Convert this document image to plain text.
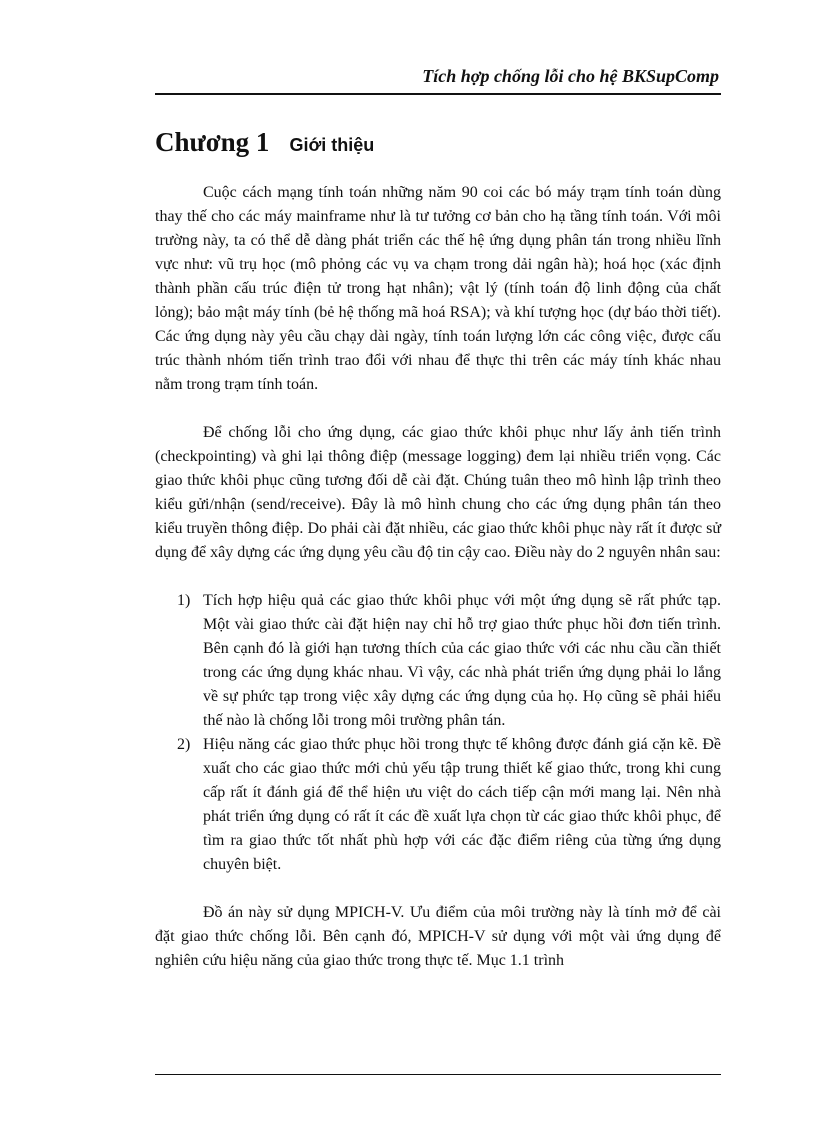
Tích hợp chống lỗi cho hệ BKSupComp
Chương 1 Giới thiệu

Cuộc cách mạng tính toán những năm 90 coi các bó máy trạm tính toán dùng thay thế cho các máy mainframe như là tư tưởng cơ bản cho hạ tầng tính toán. Với môi trường này, ta có thể dễ dàng phát triển các thế hệ ứng dụng phân tán trong nhiều lĩnh vực như: vũ trụ học (mô phỏng các vụ va chạm trong dải ngân hà); hoá học (xác định thành phần cấu trúc điện tử trong hạt nhân); vật lý (tính toán độ linh động của chất lỏng); bảo mật máy tính (bẻ hệ thống mã hoá RSA); và khí tượng học (dự báo thời tiết). Các ứng dụng này yêu cầu chạy dài ngày, tính toán lượng lớn các công việc, được cấu trúc thành nhóm tiến trình trao đổi với nhau để thực thi trên các máy tính khác nhau nằm trong trạm tính toán.

Để chống lỗi cho ứng dụng, các giao thức khôi phục như lấy ảnh tiến trình (checkpointing) và ghi lại thông điệp (message logging) đem lại nhiều triển vọng. Các giao thức khôi phục cũng tương đối dễ cài đặt. Chúng tuân theo mô hình lập trình theo kiểu gửi/nhận (send/receive). Đây là mô hình chung cho các ứng dụng phân tán theo kiểu truyền thông điệp. Do phải cài đặt nhiều, các giao thức khôi phục này rất ít được sử dụng để xây dựng các ứng dụng yêu cầu độ tin cậy cao. Điều này do 2 nguyên nhân sau:

1) Tích hợp hiệu quả các giao thức khôi phục với một ứng dụng sẽ rất phức tạp. Một vài giao thức cài đặt hiện nay chỉ hỗ trợ giao thức phục hồi đơn tiến trình. Bên cạnh đó là giới hạn tương thích của các giao thức với các nhu cầu cần thiết trong các ứng dụng khác nhau. Vì vậy, các nhà phát triển ứng dụng phải lo lắng về sự phức tạp trong việc xây dựng các ứng dụng của họ. Họ cũng sẽ phải hiểu thế nào là chống lỗi trong môi trường phân tán.
2) Hiệu năng các giao thức phục hồi trong thực tế không được đánh giá cặn kẽ. Đề xuất cho các giao thức mới chủ yếu tập trung thiết kế giao thức, trong khi cung cấp rất ít đánh giá để thể hiện ưu việt do cách tiếp cận mới mang lại. Nên nhà phát triển ứng dụng có rất ít các đề xuất lựa chọn từ các giao thức khôi phục, để tìm ra giao thức tốt nhất phù hợp với các đặc điểm riêng của từng ứng dụng chuyên biệt.

Đồ án này sử dụng MPICH-V. Ưu điểm của môi trường này là tính mở để cài đặt giao thức chống lỗi. Bên cạnh đó, MPICH-V sử dụng với một vài ứng dụng để nghiên cứu hiệu năng của giao thức trong thực tế. Mục 1.1 trình
